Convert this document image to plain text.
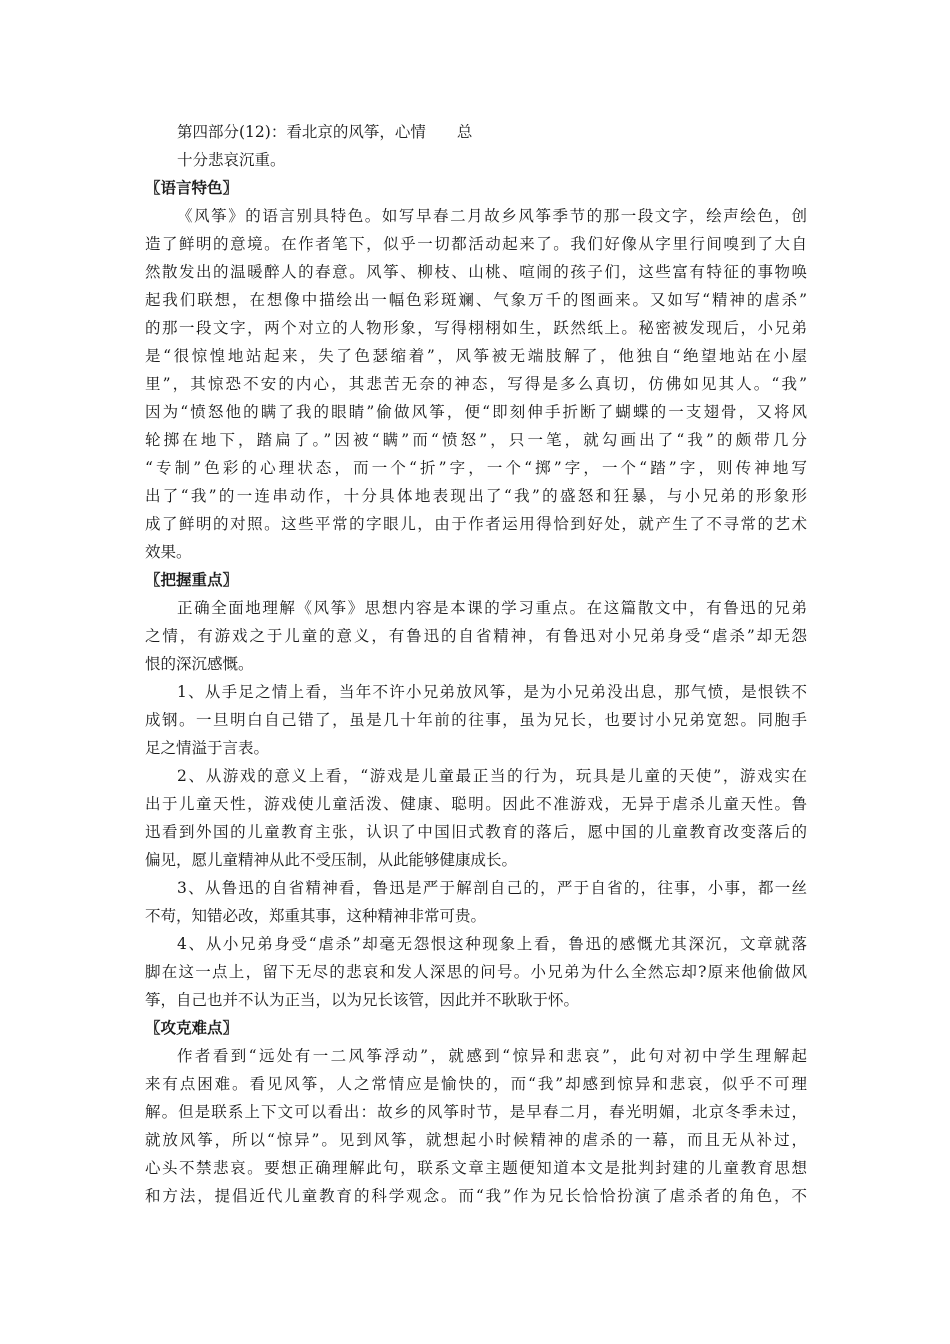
第四部分(12)：看北京的风筝，心情　　总
十分悲哀沉重。
〖语言特色〗
《风筝》的语言别具特色。如写早春二月故乡风筝季节的那一段文字，绘声绘色，创
造了鲜明的意境。在作者笔下，似乎一切都活动起来了。我们好像从字里行间嗅到了大自
然散发出的温暖醉人的春意。风筝、柳枝、山桃、喧闹的孩子们，这些富有特征的事物唤
起我们联想，在想像中描绘出一幅色彩斑斓、气象万千的图画来。又如写“精神的虐杀”
的那一段文字，两个对立的人物形象，写得栩栩如生，跃然纸上。秘密被发现后，小兄弟
是“很惊惶地站起来，失了色瑟缩着”，风筝被无端肢解了，他独自“绝望地站在小屋
里”，其惊恐不安的内心，其悲苦无奈的神态，写得是多么真切，仿佛如见其人。“我”
因为“愤怒他的瞒了我的眼睛”偷做风筝，便“即刻伸手折断了蝴蝶的一支翅骨，又将风
轮掷在地下，踏扁了。”因被“瞒”而“愤怒”，只一笔，就勾画出了“我”的颇带几分
“专制”色彩的心理状态，而一个“折”字，一个“掷”字，一个“踏”字，则传神地写
出了“我”的一连串动作，十分具体地表现出了“我”的盛怒和狂暴，与小兄弟的形象形
成了鲜明的对照。这些平常的字眼儿，由于作者运用得恰到好处，就产生了不寻常的艺术
效果。
〖把握重点〗
正确全面地理解《风筝》思想内容是本课的学习重点。在这篇散文中，有鲁迅的兄弟
之情，有游戏之于儿童的意义，有鲁迅的自省精神，有鲁迅对小兄弟身受“虐杀”却无怨
恨的深沉感慨。
1、从手足之情上看，当年不许小兄弟放风筝，是为小兄弟没出息，那气愤，是恨铁不
成钢。一旦明白自己错了，虽是几十年前的往事，虽为兄长，也要讨小兄弟宽恕。同胞手
足之情溢于言表。
2、从游戏的意义上看，“游戏是儿童最正当的行为，玩具是儿童的天使”，游戏实在
出于儿童天性，游戏使儿童活泼、健康、聪明。因此不准游戏，无异于虐杀儿童天性。鲁
迅看到外国的儿童教育主张，认识了中国旧式教育的落后，愿中国的儿童教育改变落后的
偏见，愿儿童精神从此不受压制，从此能够健康成长。
3、从鲁迅的自省精神看，鲁迅是严于解剖自己的，严于自省的，往事，小事，都一丝
不苟，知错必改，郑重其事，这种精神非常可贵。
4、从小兄弟身受“虐杀”却毫无怨恨这种现象上看，鲁迅的感慨尤其深沉，文章就落
脚在这一点上，留下无尽的悲哀和发人深思的问号。小兄弟为什么全然忘却?原来他偷做风
筝，自己也并不认为正当，以为兄长该管，因此并不耿耿于怀。
〖攻克难点〗
作者看到“远处有一二风筝浮动”，就感到“惊异和悲哀”，此句对初中学生理解起
来有点困难。看见风筝，人之常情应是愉快的，而“我”却感到惊异和悲哀，似乎不可理
解。但是联系上下文可以看出：故乡的风筝时节，是早春二月，春光明媚，北京冬季未过，
就放风筝，所以“惊异”。见到风筝，就想起小时候精神的虐杀的一幕，而且无从补过，
心头不禁悲哀。要想正确理解此句，联系文章主题便知道本文是批判封建的儿童教育思想
和方法，提倡近代儿童教育的科学观念。而“我”作为兄长恰恰扮演了虐杀者的角色，不
